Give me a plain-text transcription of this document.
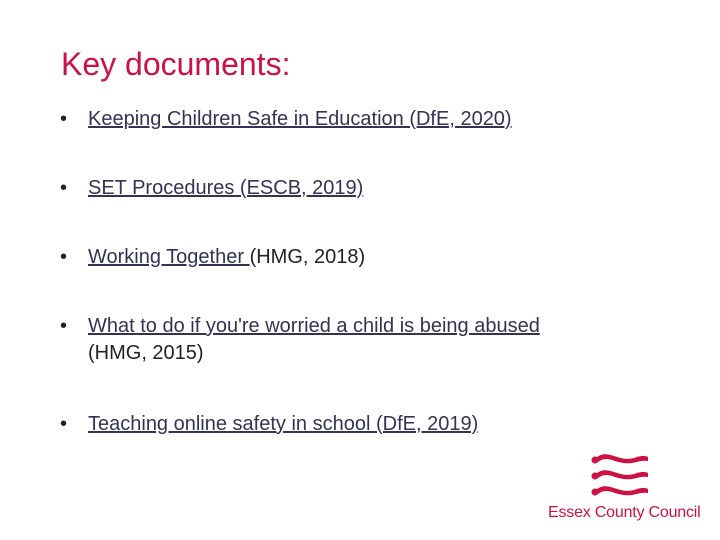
Key documents:
• Keeping Children Safe in Education (DfE, 2020)
• SET Procedures (ESCB, 2019)
• Working Together (HMG, 2018)
• What to do if you're worried a child is being abused
(HMG, 2015)
• Teaching online safety in school (DfE, 2019)
Essex County Council
